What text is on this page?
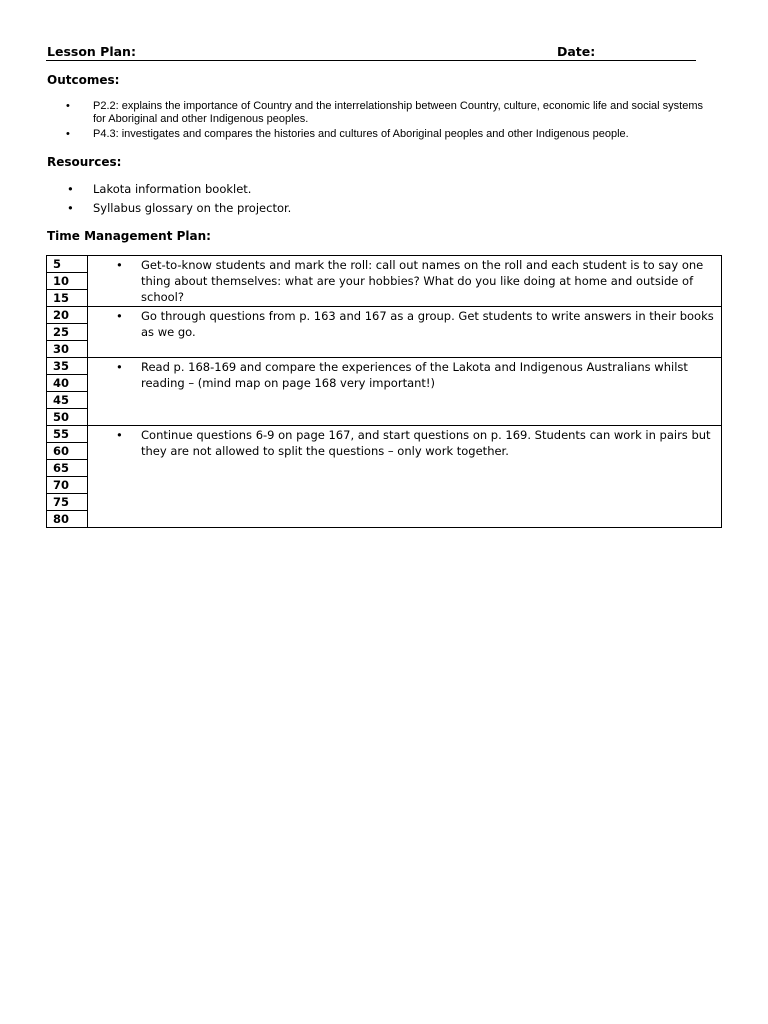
Lesson Plan:	Date:
Outcomes:
• P2.2: explains the importance of Country and the interrelationship between Country, culture, economic life and social systems for Aboriginal and other Indigenous peoples.
• P4.3: investigates and compares the histories and cultures of Aboriginal peoples and other Indigenous people.
Resources:
• Lakota information booklet.
• Syllabus glossary on the projector.
Time Management Plan:
5	• Get-to-know students and mark the roll: call out names on the roll and each student is to say one thing about themselves: what are your hobbies? What do you like doing at home and outside of school?

10	
15	
20	• Go through questions from p. 163 and 167 as a group. Get students to write answers in their books as we go.

25	
30	
35	• Read p. 168-169 and compare the experiences of the Lakota and Indigenous Australians whilst reading – (mind map on page 168 very important!)

40	
45	
50	
55	• Continue questions 6-9 on page 167, and start questions on p. 169. Students can work in pairs but they are not allowed to split the questions – only work together.

60	
65	
70	
75	
80	
